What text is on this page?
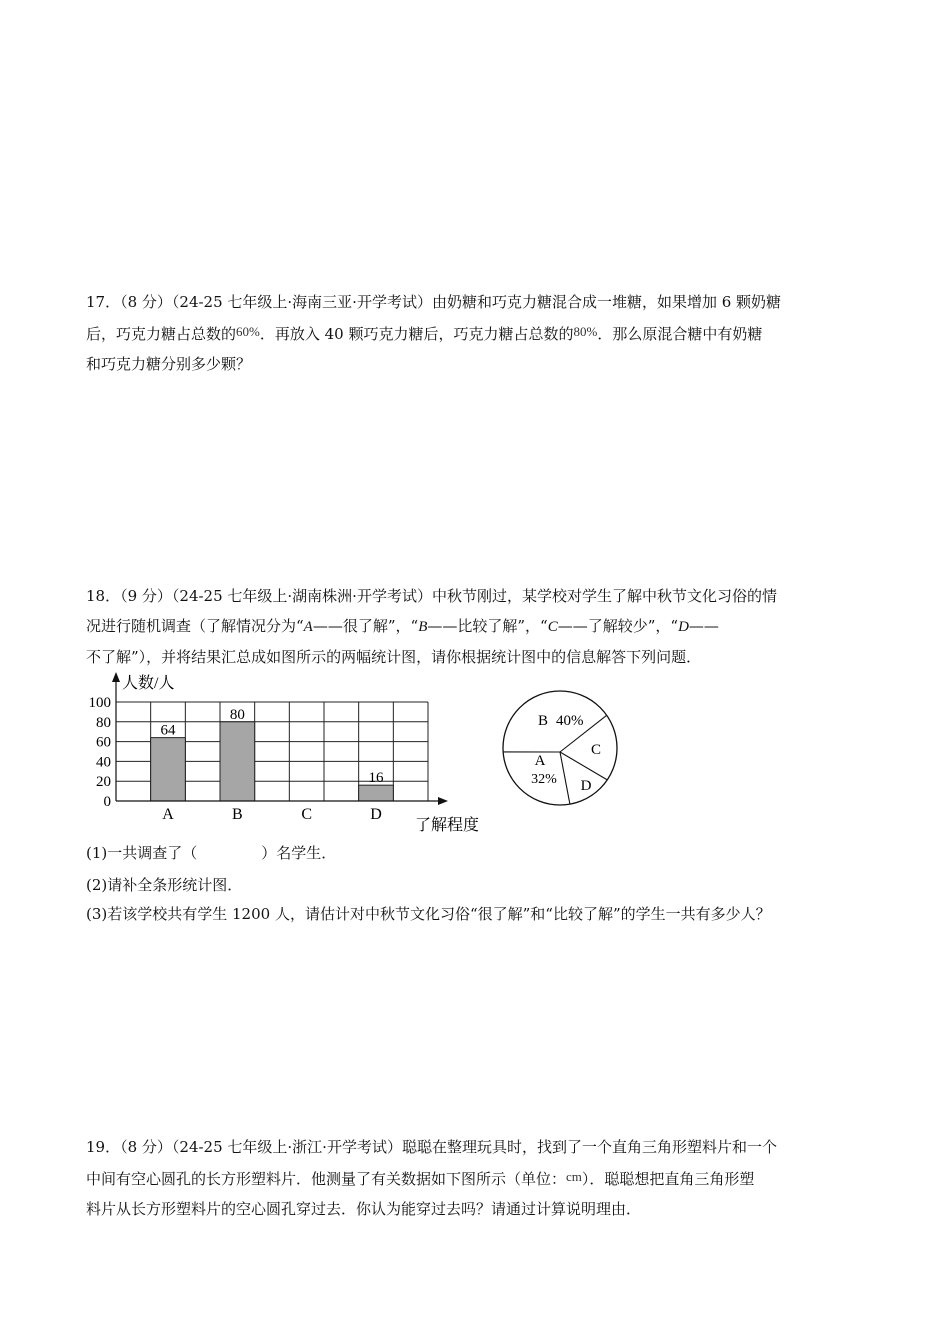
17．（8 分）（24-25 七年级上·海南三亚·开学考试）由奶糖和巧克力糖混合成一堆糖，如果增加 6 颗奶糖
后，巧克力糖占总数的60%．再放入 40 颗巧克力糖后，巧克力糖占总数的80%．那么原混合糖中有奶糖
和巧克力糖分别多少颗？
18．（9 分）（24-25 七年级上·湖南株洲·开学考试）中秋节刚过，某学校对学生了解中秋节文化习俗的情
况进行随机调查（了解情况分为“A——很了解”，“B——比较了解”，“C——了解较少”，“D——
不了解”），并将结果汇总成如图所示的两幅统计图，请你根据统计图中的信息解答下列问题．
0
20
40
60
80
100
64
A
80
B	C
16
D
人数/人
了解程度
B 40%
C
D
A
32%
(1)一共调查了（	）名学生．
(2)请补全条形统计图．
(3)若该学校共有学生 1200 人，请估计对中秋节文化习俗“很了解”和“比较了解”的学生一共有多少人？
19．（8 分）（24-25 七年级上·浙江·开学考试）聪聪在整理玩具时，找到了一个直角三角形塑料片和一个
中间有空心圆孔的长方形塑料片．他测量了有关数据如下图所示（单位：cm）．聪聪想把直角三角形塑
料片从长方形塑料片的空心圆孔穿过去．你认为能穿过去吗？请通过计算说明理由．
